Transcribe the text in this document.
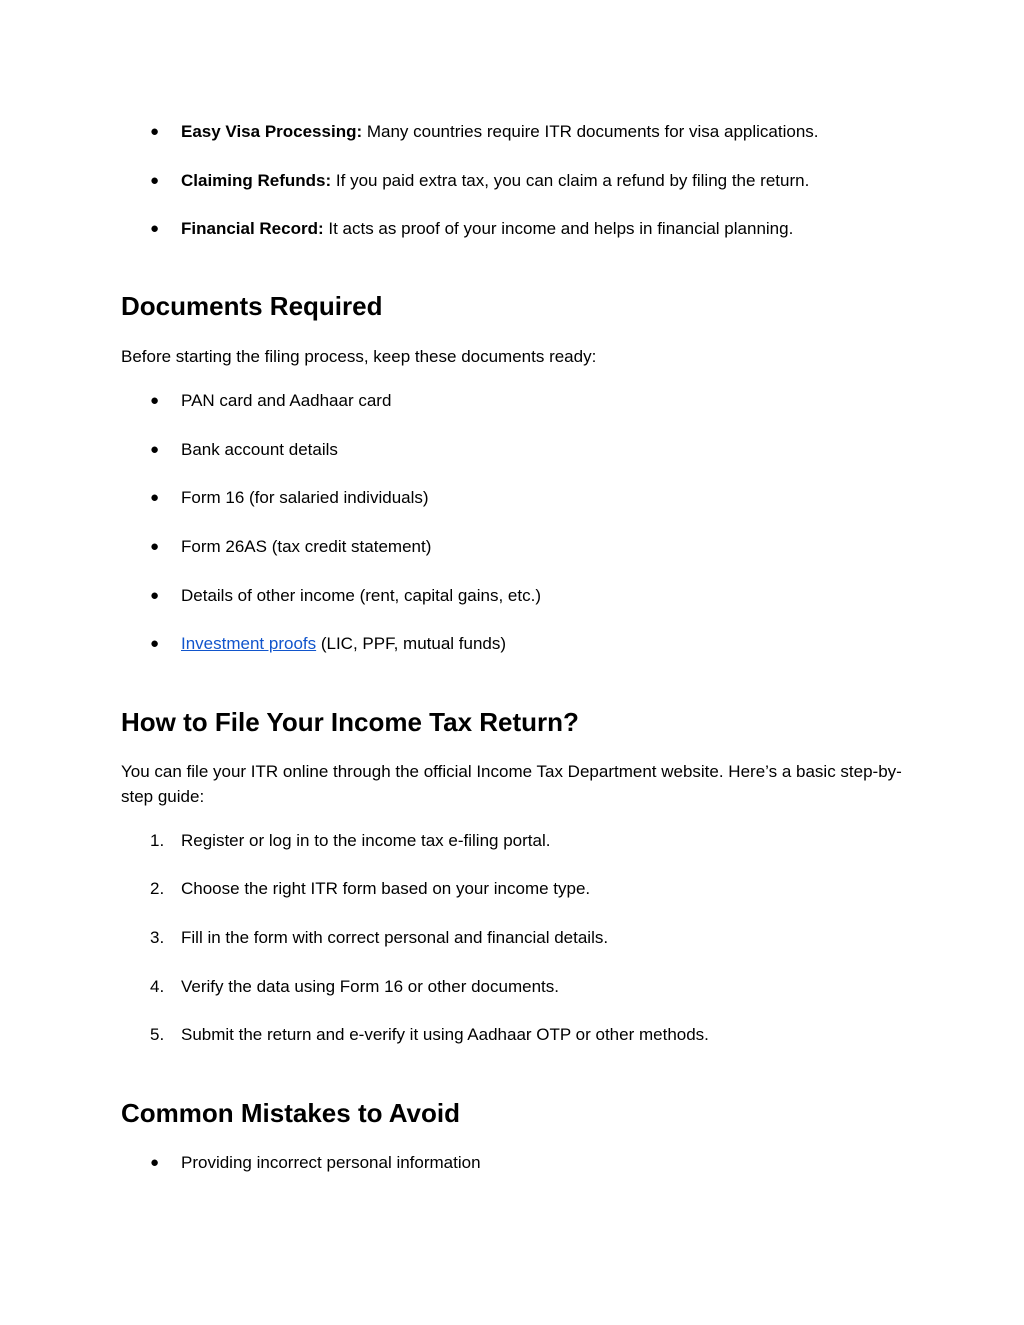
●	Easy Visa Processing: Many countries require ITR documents for visa applications.
●	Claiming Refunds: If you paid extra tax, you can claim a refund by filing the return.
●	Financial Record: It acts as proof of your income and helps in financial planning.
Documents Required
Before starting the filing process, keep these documents ready:
●	PAN card and Aadhaar card
●	Bank account details
●	Form 16 (for salaried individuals)
●	Form 26AS (tax credit statement)
●	Details of other income (rent, capital gains, etc.)
●	Investment proofs (LIC, PPF, mutual funds)
How to File Your Income Tax Return?
You can file your ITR online through the official Income Tax Department website. Here’s a basic step-by-step guide:
1. Register or log in to the income tax e-filing portal.
2. Choose the right ITR form based on your income type.
3. Fill in the form with correct personal and financial details.
4. Verify the data using Form 16 or other documents.
5. Submit the return and e-verify it using Aadhaar OTP or other methods.
Common Mistakes to Avoid
●	Providing incorrect personal information
